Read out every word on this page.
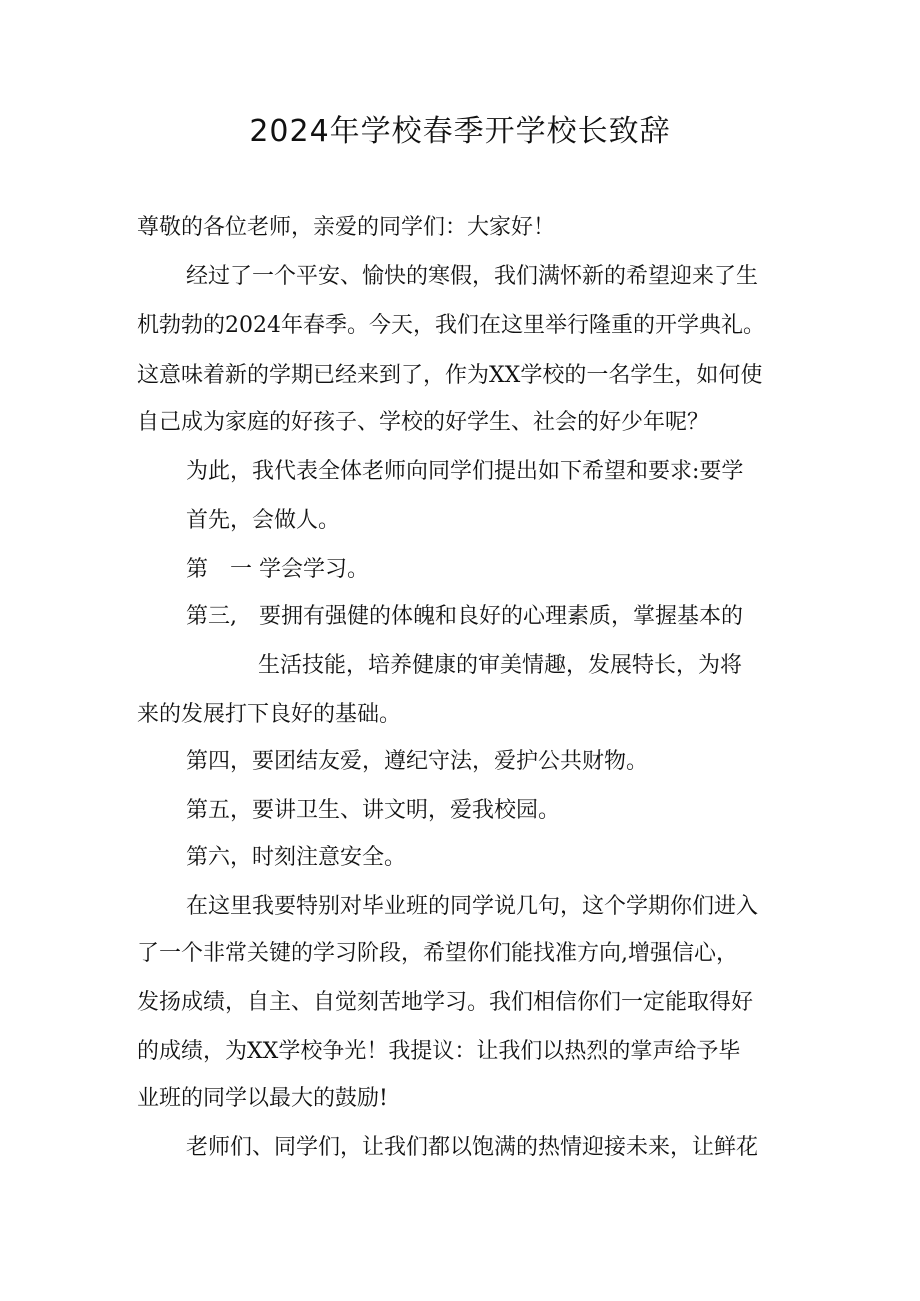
2024年学校春季开学校长致辞
尊敬的各位老师，亲爱的同学们：大家好！
经过了一个平安、愉快的寒假，我们满怀新的希望迎来了生
机勃勃的2024年春季。今天，我们在这里举行隆重的开学典礼。
这意味着新的学期已经来到了，作为XX学校的一名学生，如何使
自己成为家庭的好孩子、学校的好学生、社会的好少年呢？
为此，我代表全体老师向同学们提出如下希望和要求:要学
首先，会做人。
第　一 学会学习。
第三,　要拥有强健的体魄和良好的心理素质，掌握基本的
生活技能，培养健康的审美情趣，发展特长，为将
来的发展打下良好的基础。
第四，要团结友爱，遵纪守法，爱护公共财物。
第五，要讲卫生、讲文明，爱我校园。
第六，时刻注意安全。
在这里我要特别对毕业班的同学说几句，这个学期你们进入
了一个非常关键的学习阶段，希望你们能找准方向,增强信心，
发扬成绩，自主、自觉刻苦地学习。我们相信你们一定能取得好
的成绩，为XX学校争光！我提议：让我们以热烈的掌声给予毕
业班的同学以最大的鼓励!
老师们、同学们，让我们都以饱满的热情迎接未来，让鲜花
